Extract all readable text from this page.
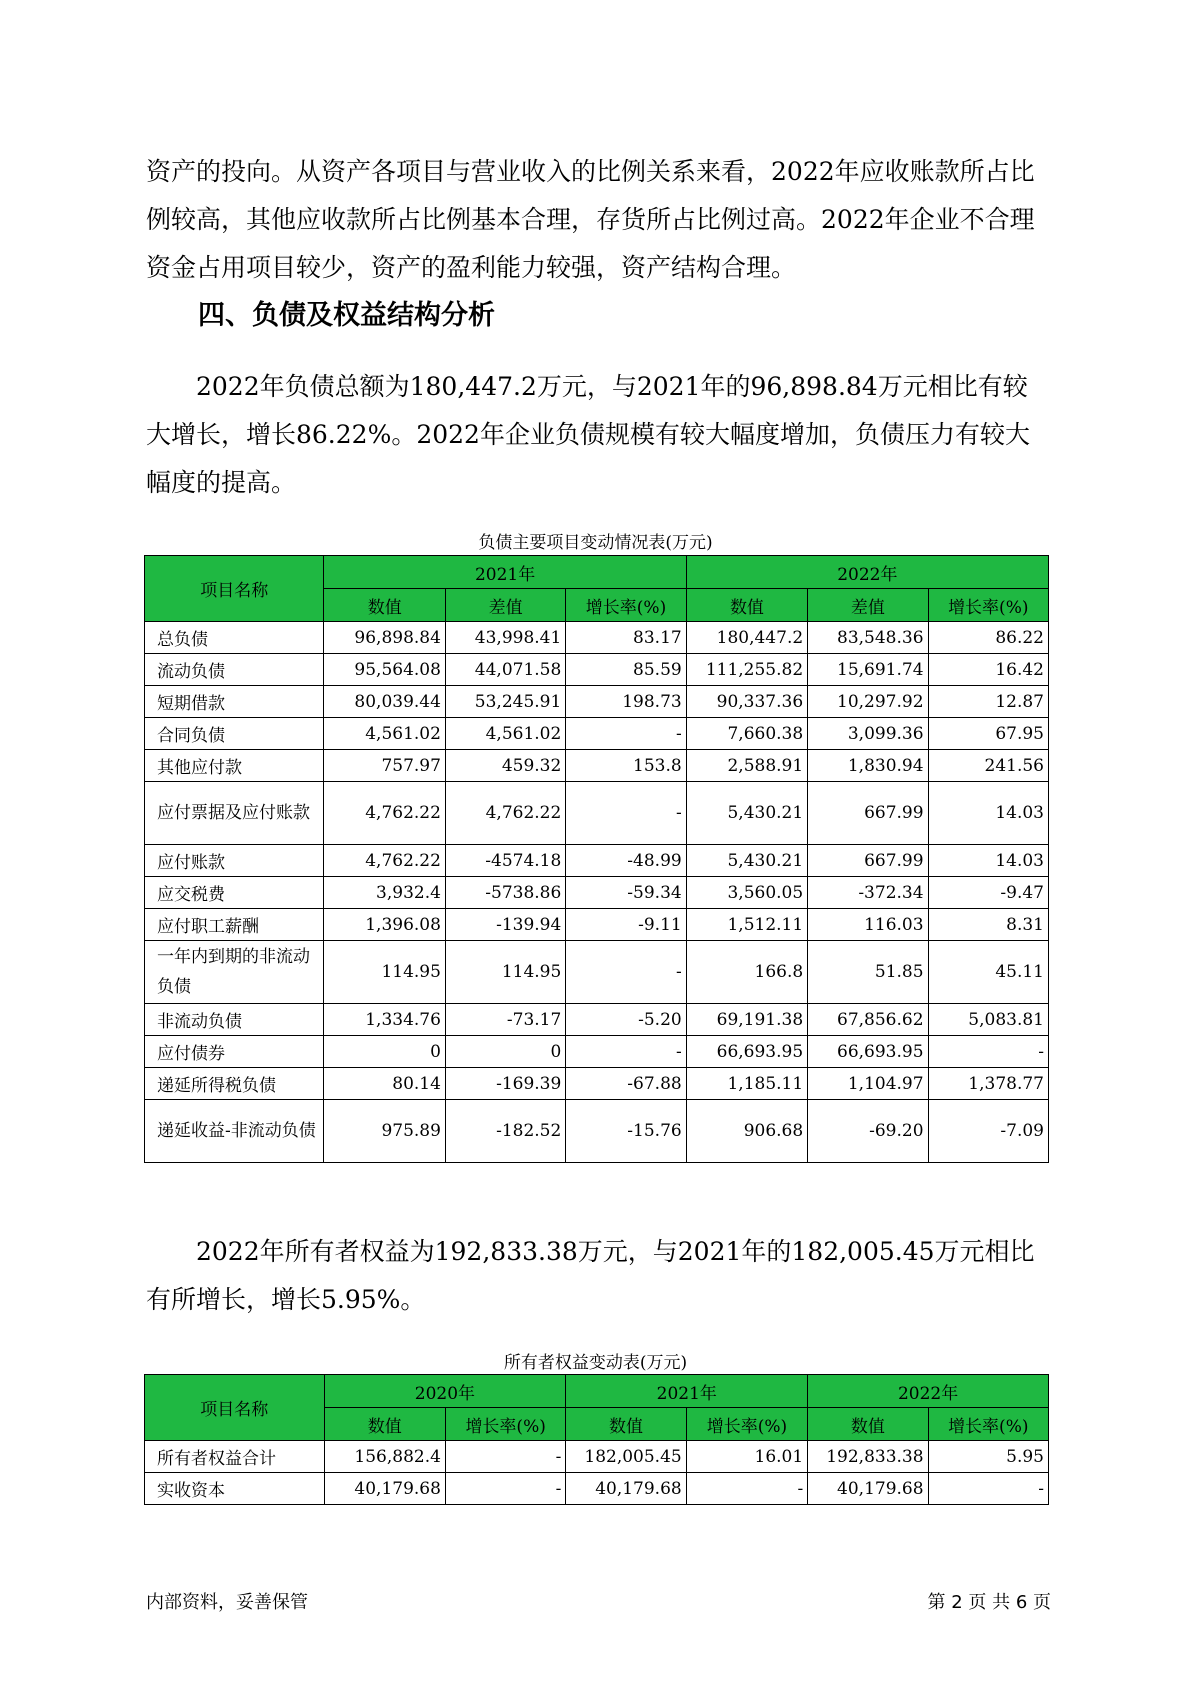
资产的投向。从资产各项目与营业收入的比例关系来看，2022年应收账款所占比例较高，其他应收款所占比例基本合理，存货所占比例过高。2022年企业不合理资金占用项目较少，资产的盈利能力较强，资产结构合理。

四、负债及权益结构分析

2022年负债总额为180,447.2万元，与2021年的96,898.84万元相比有较大增长，增长86.22%。2022年企业负债规模有较大幅度增加，负债压力有较大幅度的提高。

负债主要项目变动情况表(万元)
项目名称	2021年			2022年		
	数值	差值	增长率(%)	数值	差值	增长率(%)
总负债	96,898.84	43,998.41	83.17	180,447.2	83,548.36	86.22
流动负债	95,564.08	44,071.58	85.59	111,255.82	15,691.74	16.42
短期借款	80,039.44	53,245.91	198.73	90,337.36	10,297.92	12.87
合同负债	4,561.02	4,561.02	-	7,660.38	3,099.36	67.95
其他应付款	757.97	459.32	153.8	2,588.91	1,830.94	241.56
应付票据及应付账款	4,762.22	4,762.22	-	5,430.21	667.99	14.03
应付账款	4,762.22	-4574.18	-48.99	5,430.21	667.99	14.03
应交税费	3,932.4	-5738.86	-59.34	3,560.05	-372.34	-9.47
应付职工薪酬	1,396.08	-139.94	-9.11	1,512.11	116.03	8.31
一年内到期的非流动负债	114.95	114.95	-	166.8	51.85	45.11
非流动负债	1,334.76	-73.17	-5.20	69,191.38	67,856.62	5,083.81
应付债券	0	0	-	66,693.95	66,693.95	-
递延所得税负债	80.14	-169.39	-67.88	1,185.11	1,104.97	1,378.77
递延收益-非流动负债	975.89	-182.52	-15.76	906.68	-69.20	-7.09

2022年所有者权益为192,833.38万元，与2021年的182,005.45万元相比有所增长，增长5.95%。

所有者权益变动表(万元)
项目名称	2020年		2021年		2022年	
	数值	增长率(%)	数值	增长率(%)	数值	增长率(%)
所有者权益合计	156,882.4	-	182,005.45	16.01	192,833.38	5.95
实收资本	40,179.68	-	40,179.68	-	40,179.68	-
内部资料，妥善保管	第 2 页 共 6 页
